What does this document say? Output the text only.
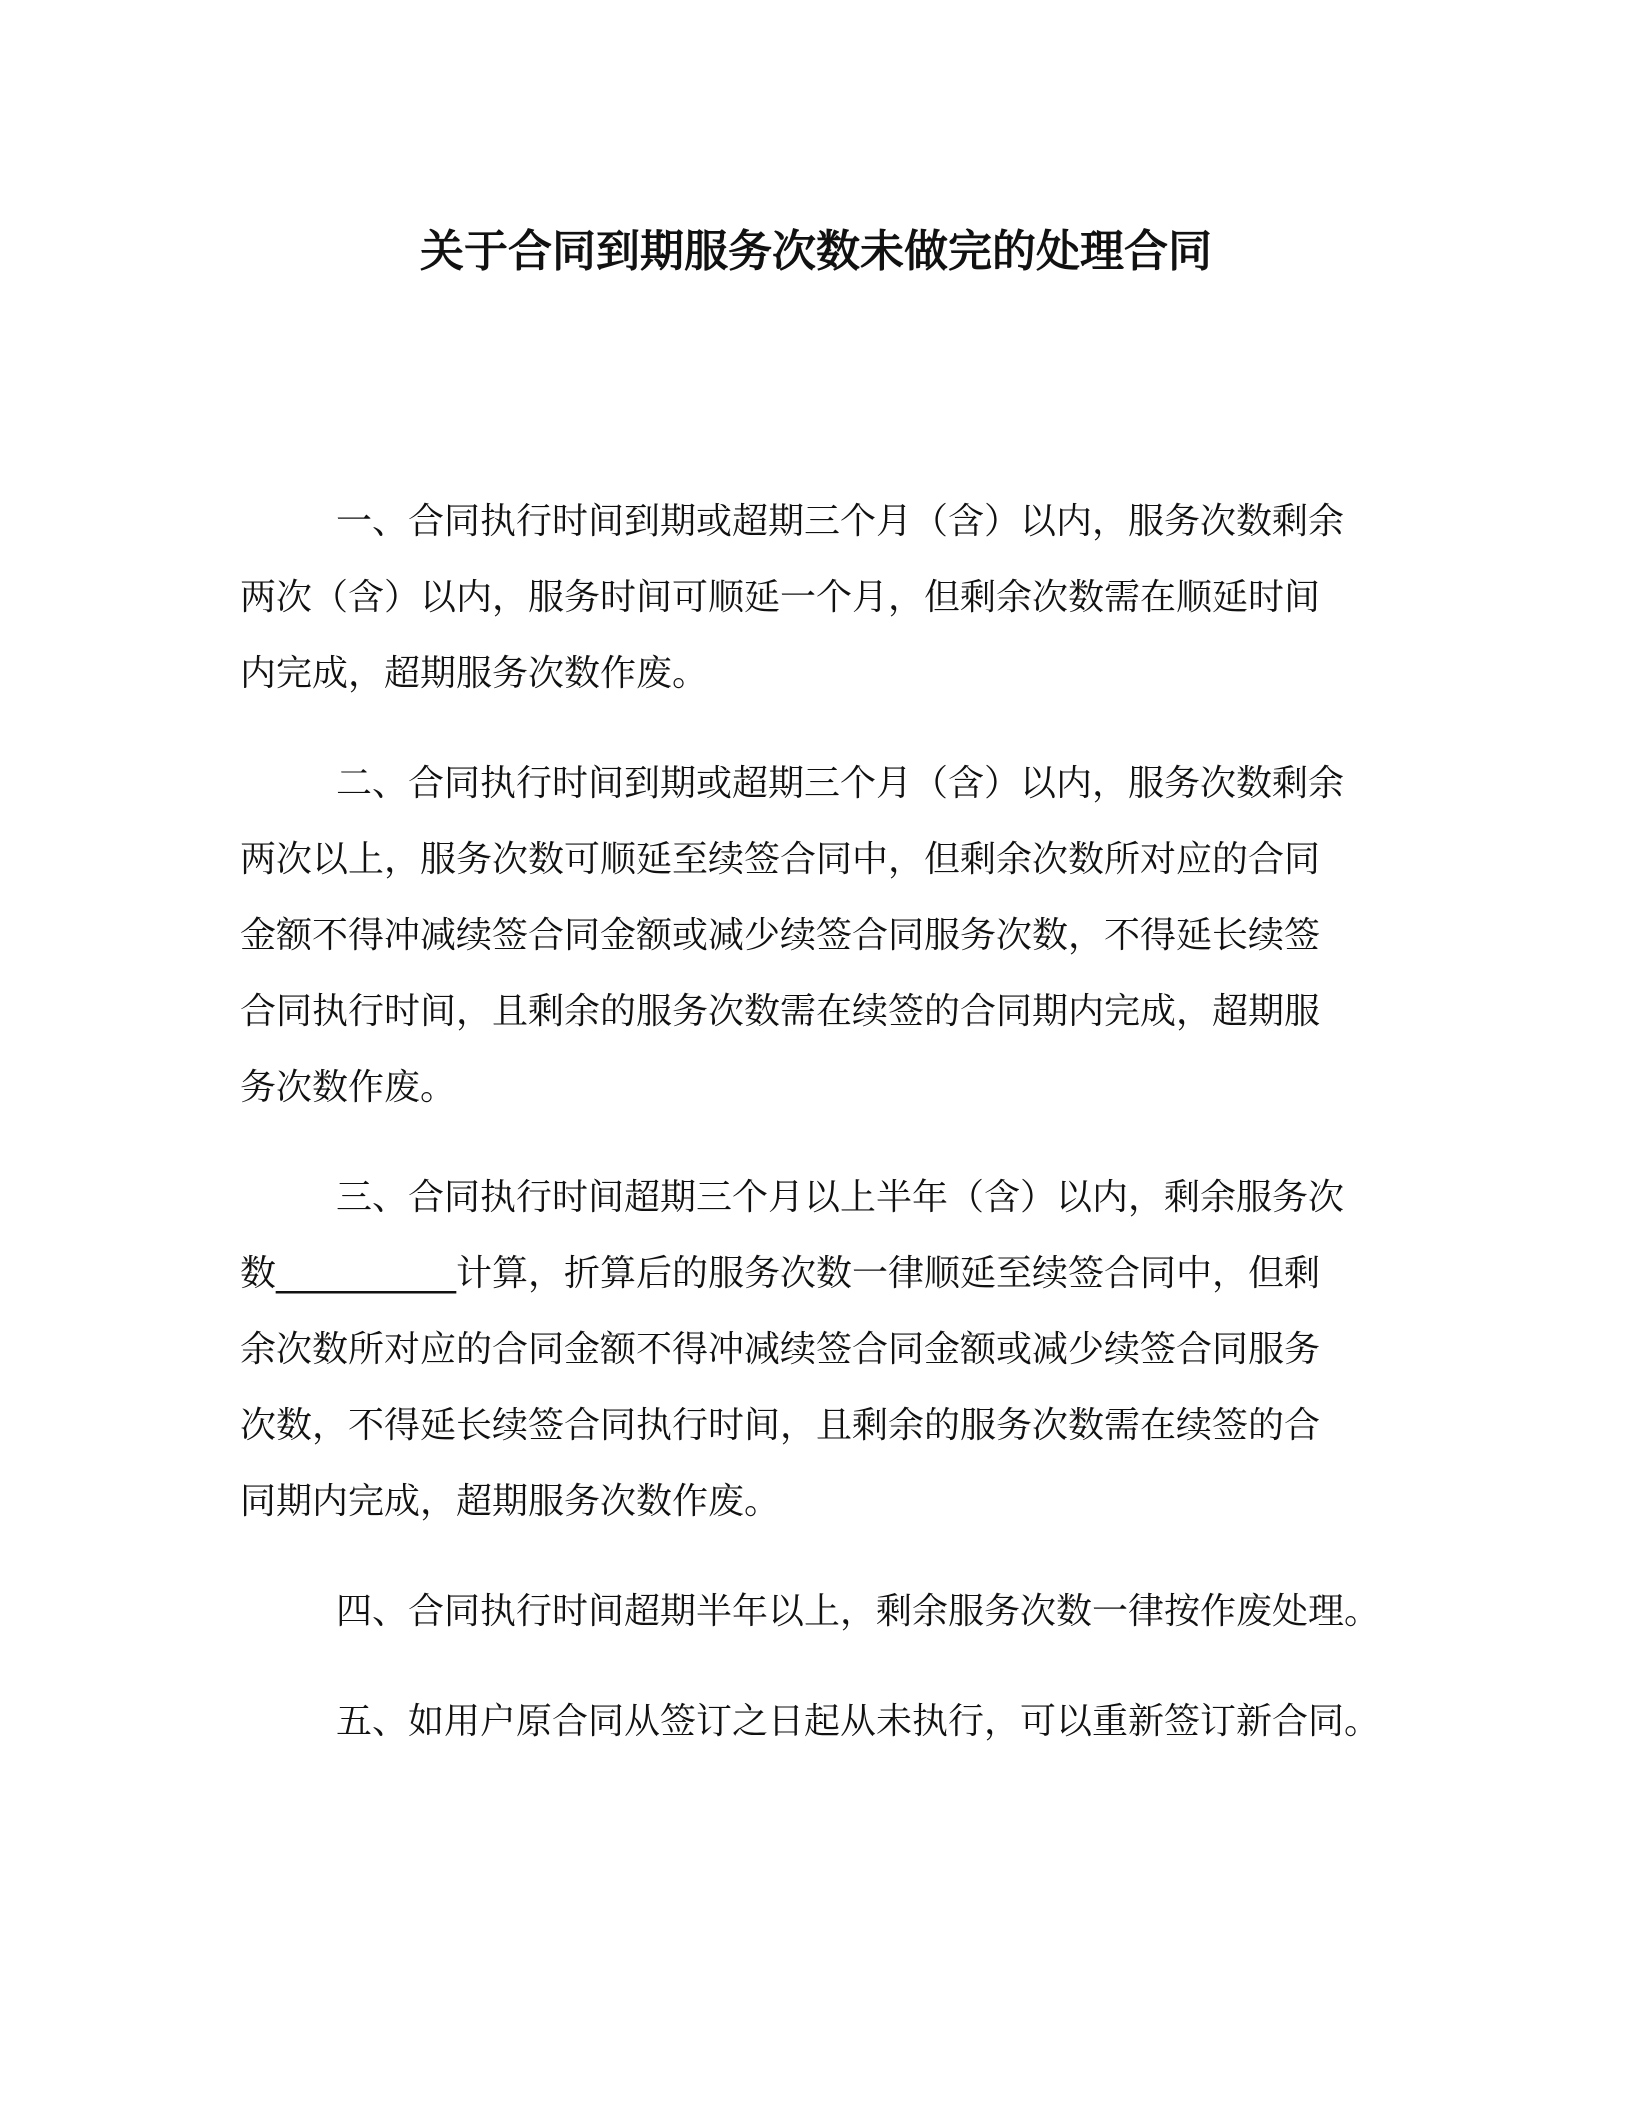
关于合同到期服务次数未做完的处理合同
一、合同执行时间到期或超期三个月（含）以内，服务次数剩余
两次（含）以内，服务时间可顺延一个月，但剩余次数需在顺延时间
内完成，超期服务次数作废。
二、合同执行时间到期或超期三个月（含）以内，服务次数剩余
两次以上，服务次数可顺延至续签合同中，但剩余次数所对应的合同
金额不得冲减续签合同金额或减少续签合同服务次数，不得延长续签
合同执行时间，且剩余的服务次数需在续签的合同期内完成，超期服
务次数作废。
三、合同执行时间超期三个月以上半年（含）以内，剩余服务次
数__________计算，折算后的服务次数一律顺延至续签合同中，但剩
余次数所对应的合同金额不得冲减续签合同金额或减少续签合同服务
次数，不得延长续签合同执行时间，且剩余的服务次数需在续签的合
同期内完成，超期服务次数作废。
四、合同执行时间超期半年以上，剩余服务次数一律按作废处理。
五、如用户原合同从签订之日起从未执行，可以重新签订新合同。
